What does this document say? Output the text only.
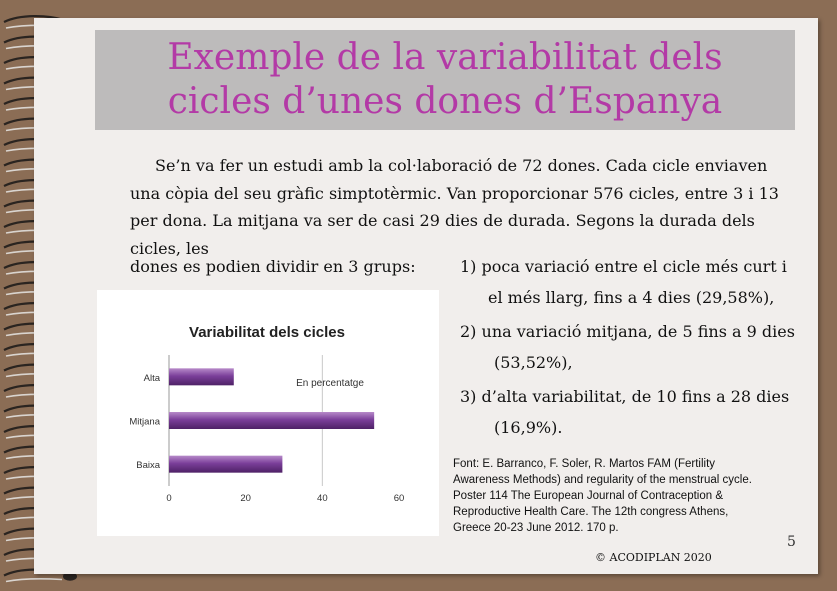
Exemple de la variabilitat dels
cicles d’unes dones d’Espanya

Se’n va fer un estudi amb la col·laboració de 72 dones. Cada cicle enviaven una còpia del seu gràfic simptotèrmic. Van proporcionar 576 cicles, entre 3 i 13 per dona. La mitjana va ser de casi 29 dies de durada. Segons la durada dels cicles, les

dones es podien dividir en 3 grups:	1) poca variació entre el cicle més curt i
el més llarg, fins a 4 dies (29,58%),
2) una variació mitjana, de 5 fins a 9 dies
(53,52%),
3) d’alta variabilitat, de 10 fins a 28 dies
(16,9%).
Font: E. Barranco, F. Soler, R. Martos FAM (Fertility
Awareness Methods) and regularity of the menstrual cycle.
Poster 114 The European Journal of Contraception &
Reproductive Health Care. The 12th congress Athens,
Greece 20-23 June 2012. 170 p.
5
© ACODIPLAN 2020
Variabilitat dels cicles
En percentatge
Alta
Mitjana
Baixa
0	20	40	60
